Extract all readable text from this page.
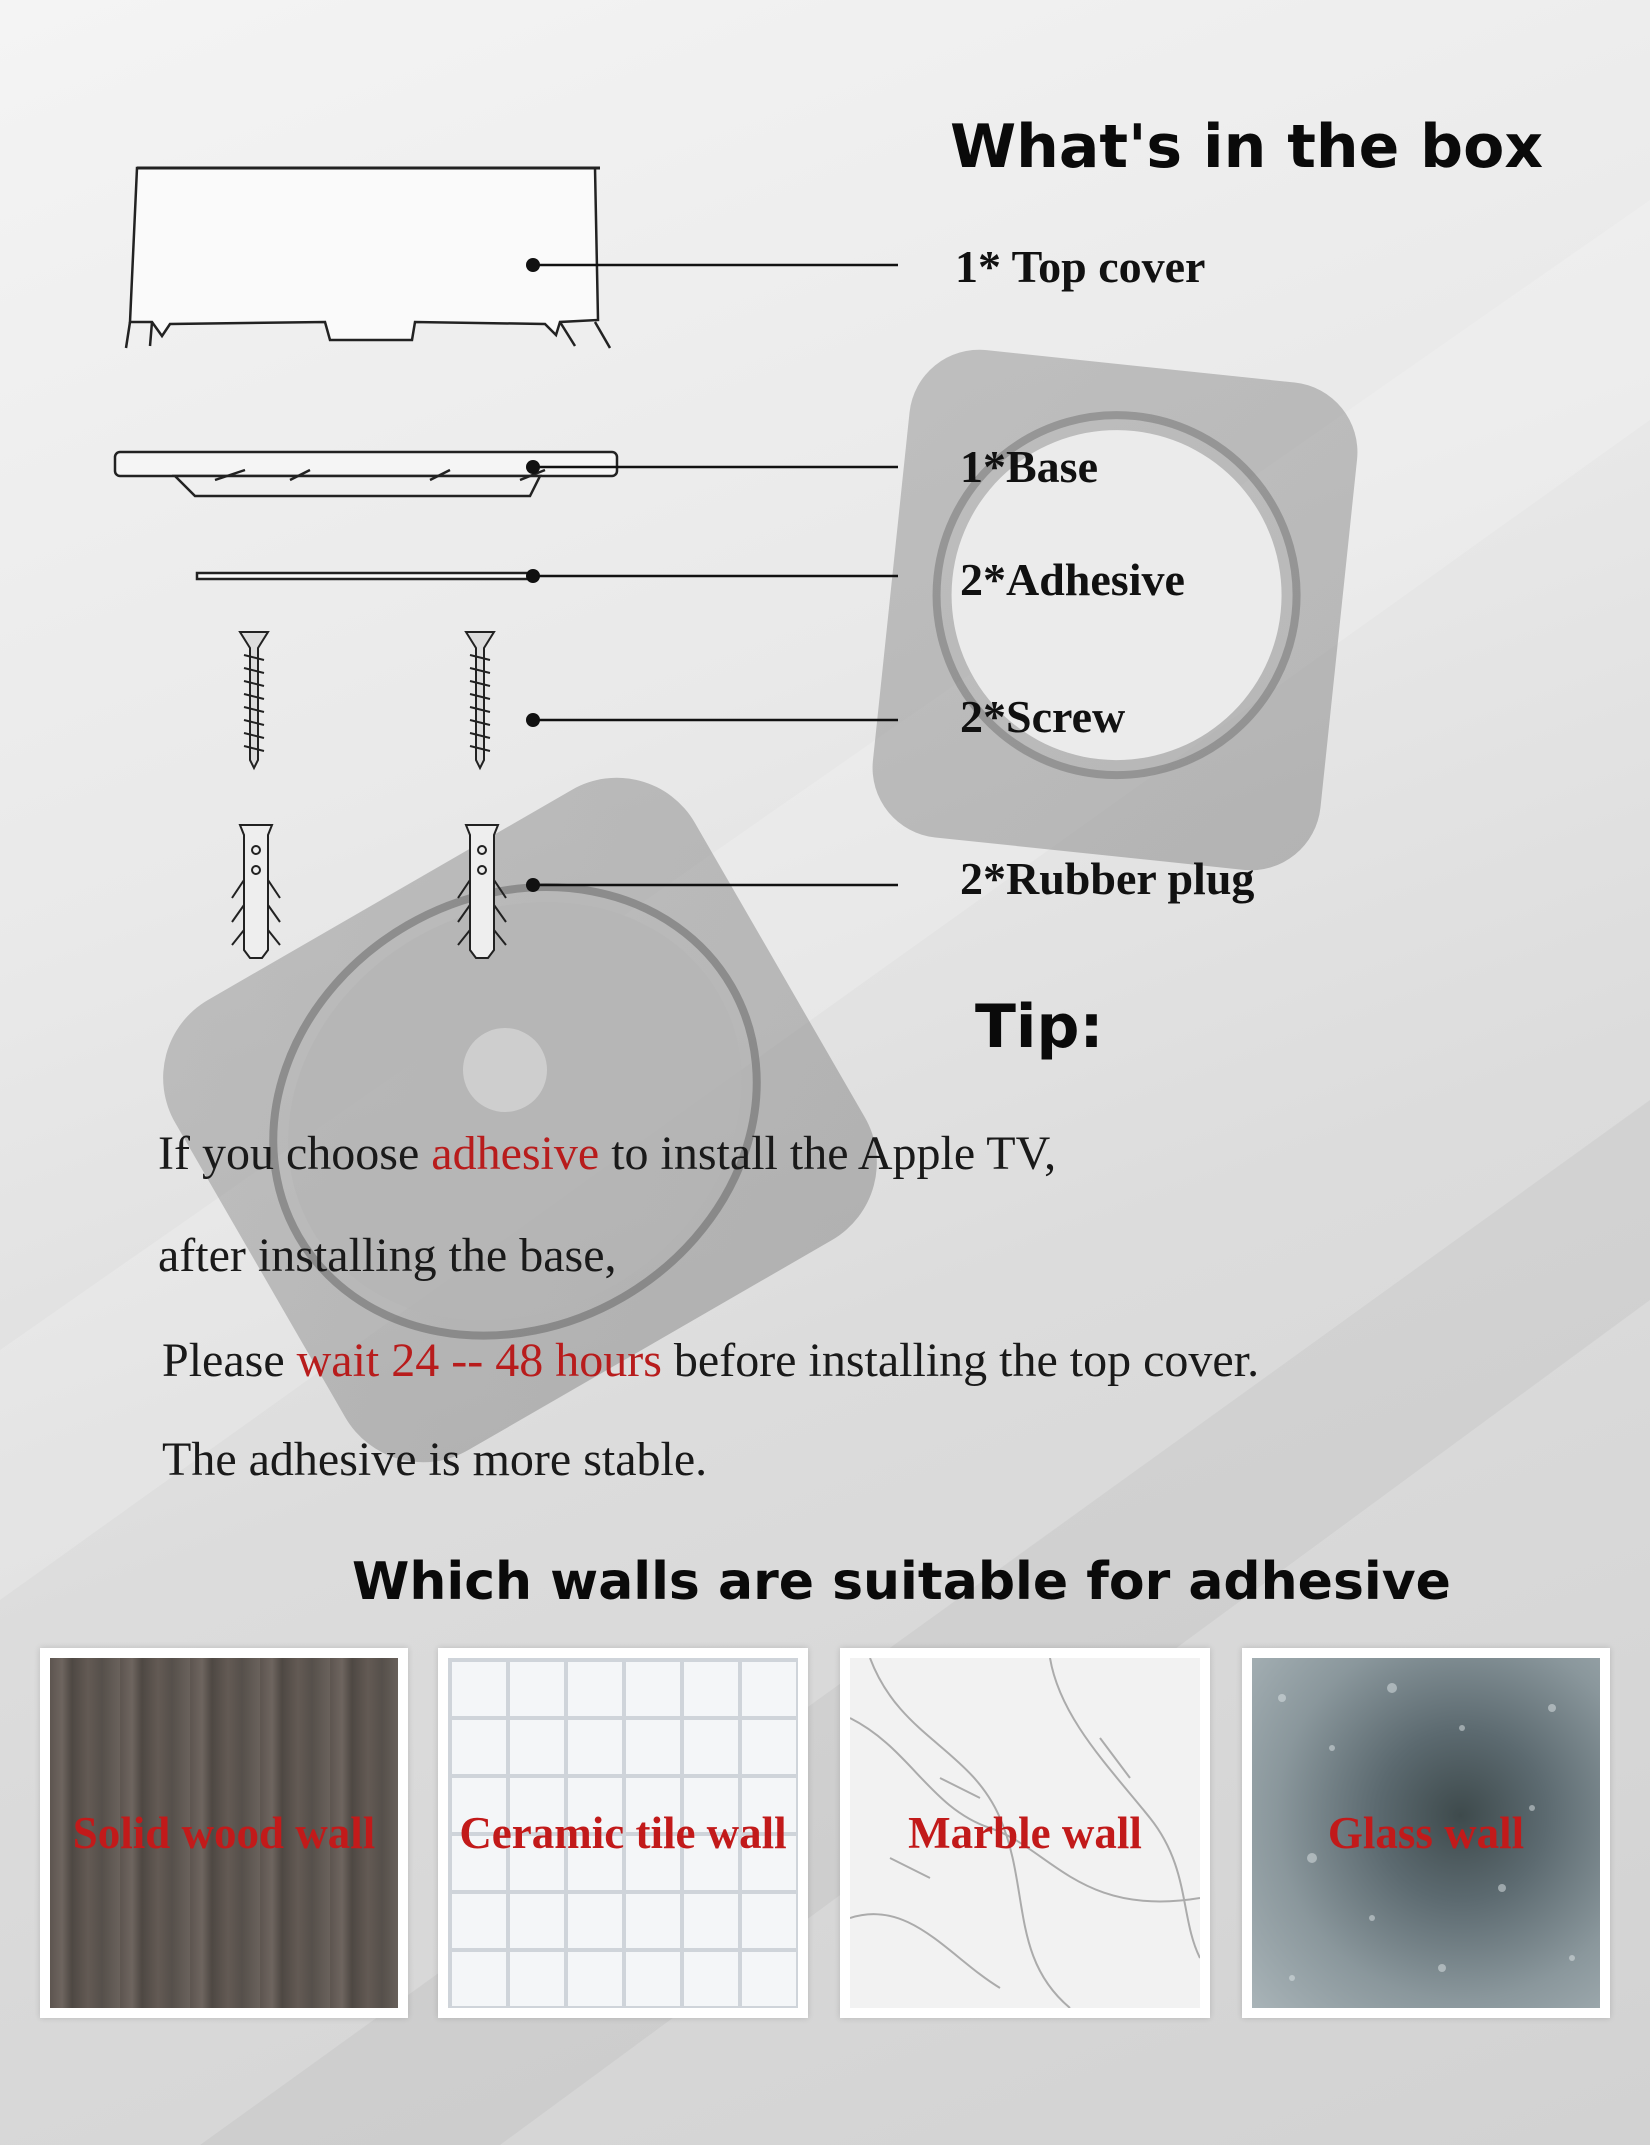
What's in the box
1* Top cover
1*Base
2*Adhesive
2*Screw
2*Rubber plug
Tip:
If you choose adhesive to install the Apple TV,
after installing the base,
Please wait 24 -- 48 hours before installing the top cover.
The adhesive is more stable.
Which walls are suitable for adhesive
Solid wood wall	Ceramic tile wall	Marble wall	Glass wall
